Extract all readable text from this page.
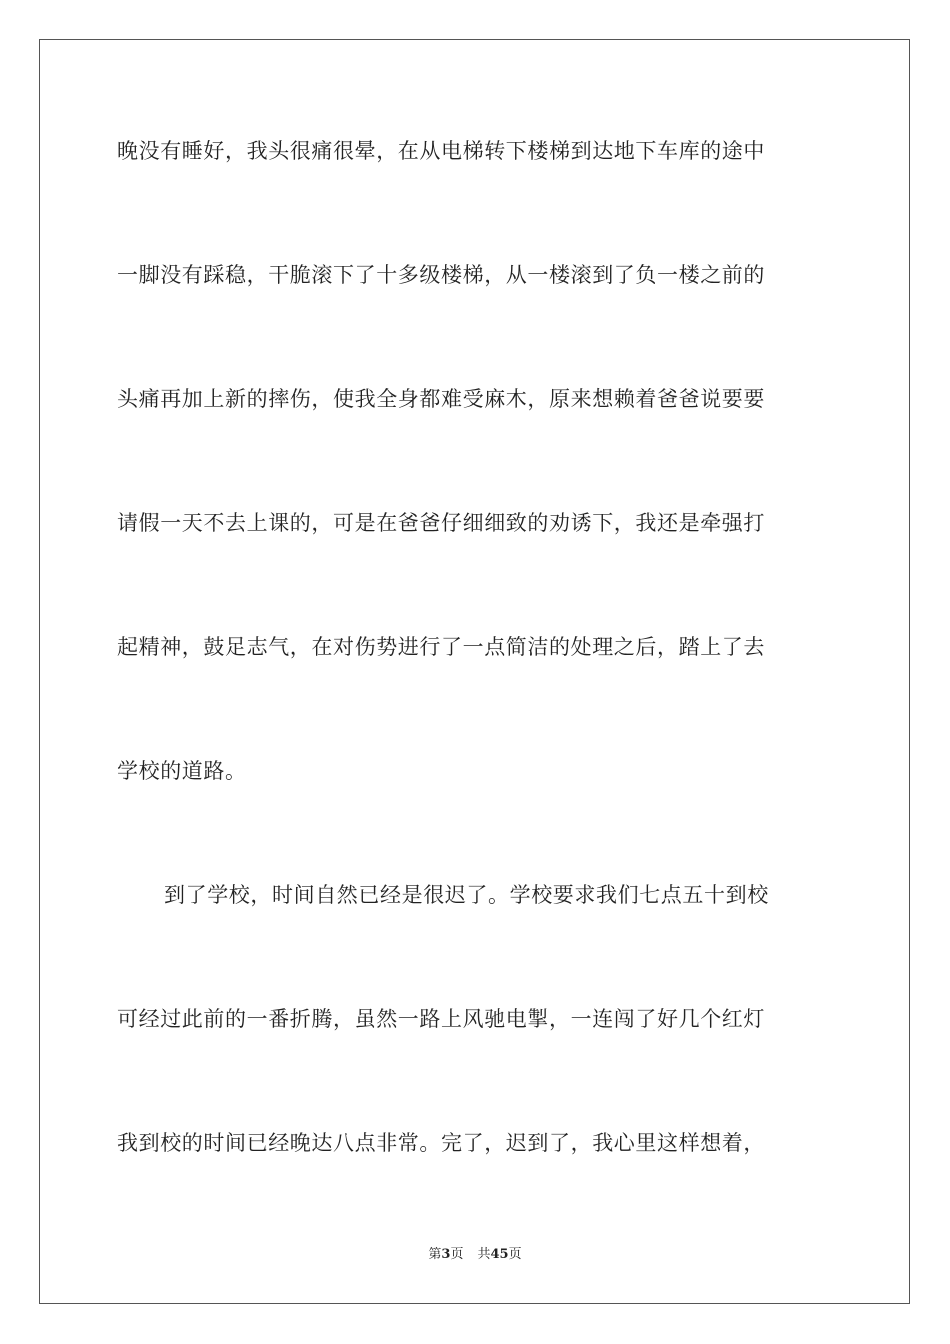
晚没有睡好，我头很痛很晕，在从电梯转下楼梯到达地下车库的途中
一脚没有踩稳，干脆滚下了十多级楼梯，从一楼滚到了负一楼之前的
头痛再加上新的摔伤，使我全身都难受麻木，原来想赖着爸爸说要要
请假一天不去上课的，可是在爸爸仔细细致的劝诱下，我还是牵强打
起精神，鼓足志气，在对伤势进行了一点简洁的处理之后，踏上了去
学校的道路。
到了学校，时间自然已经是很迟了。学校要求我们七点五十到校
可经过此前的一番折腾，虽然一路上风驰电掣，一连闯了好几个红灯
我到校的时间已经晚达八点非常。完了，迟到了，我心里这样想着，
第3页 共45页
